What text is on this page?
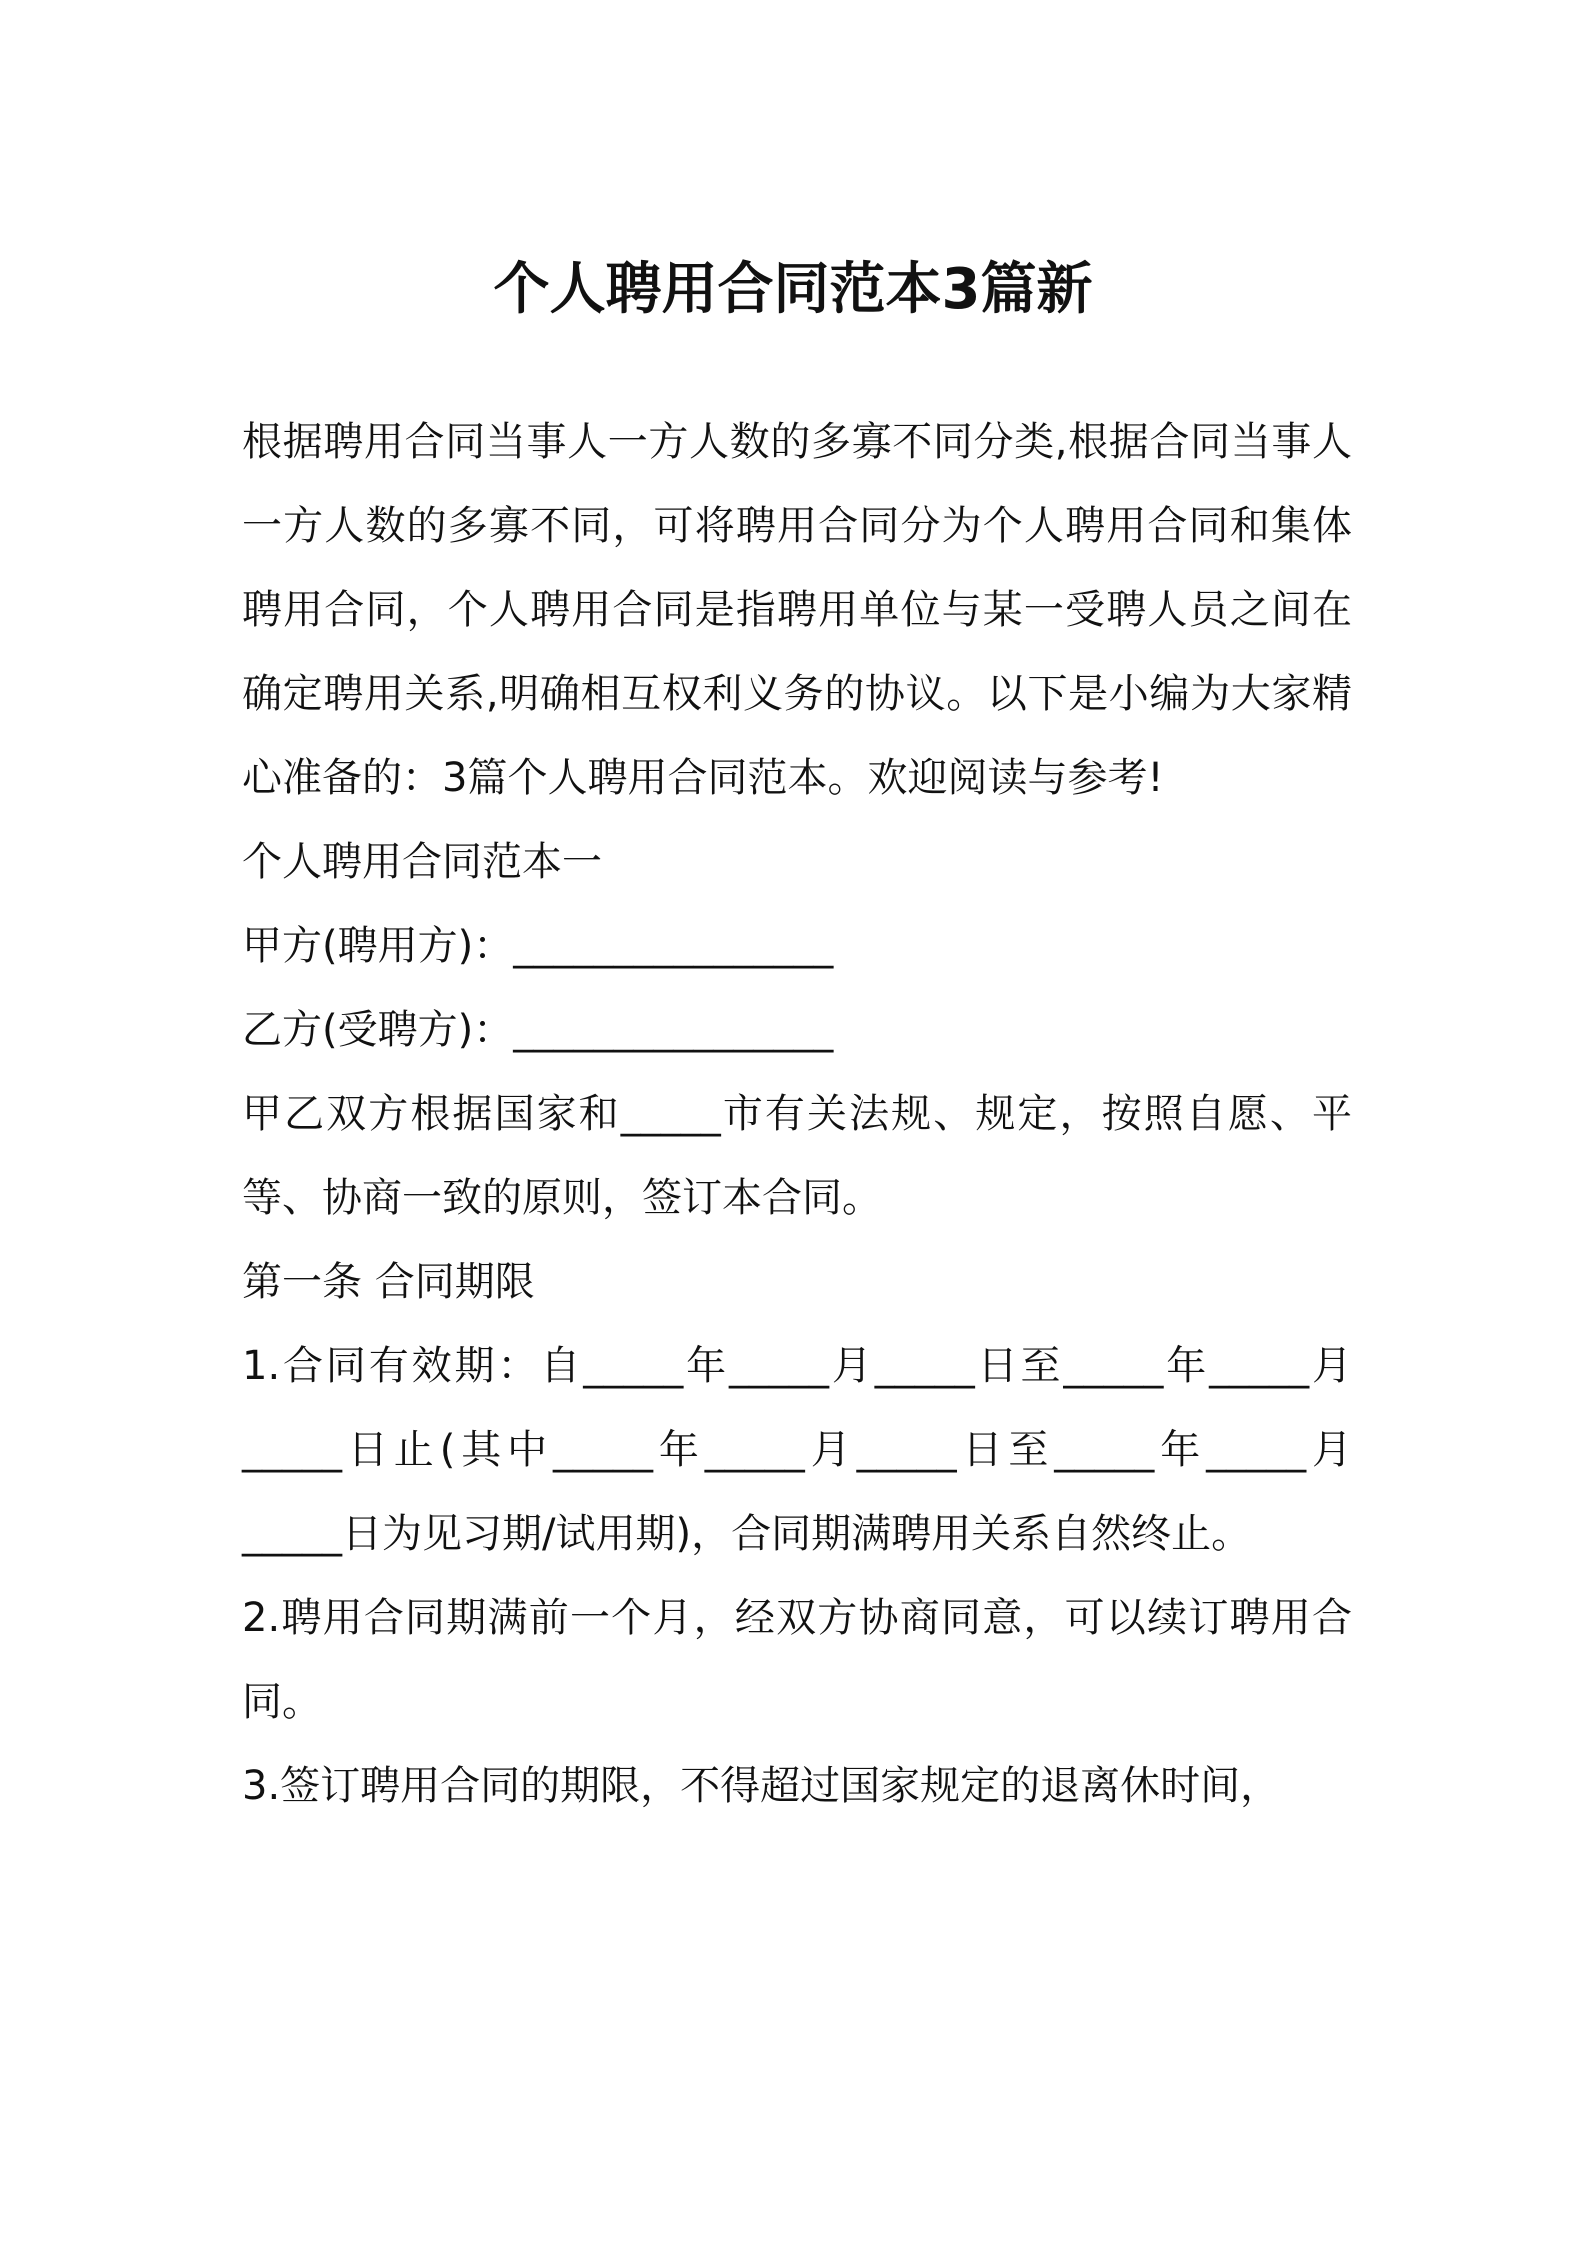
个人聘用合同范本3篇新

根据聘用合同当事人一方人数的多寡不同分类,根据合同当事人一方人数的多寡不同，可将聘用合同分为个人聘用合同和集体聘用合同，个人聘用合同是指聘用单位与某一受聘人员之间在确定聘用关系,明确相互权利义务的协议。以下是小编为大家精心准备的：3篇个人聘用合同范本。欢迎阅读与参考!

个人聘用合同范本一

甲方(聘用方)：________________

乙方(受聘方)：________________

甲乙双方根据国家和_____市有关法规、规定，按照自愿、平等、协商一致的原则，签订本合同。

第一条 合同期限

1.合同有效期：自_____年_____月_____日至_____年_____月_____日止(其中_____年_____月_____日至_____年_____月_____日为见习期/试用期)，合同期满聘用关系自然终止。

2.聘用合同期满前一个月，经双方协商同意，可以续订聘用合同。

3.签订聘用合同的期限，不得超过国家规定的退离休时间，
